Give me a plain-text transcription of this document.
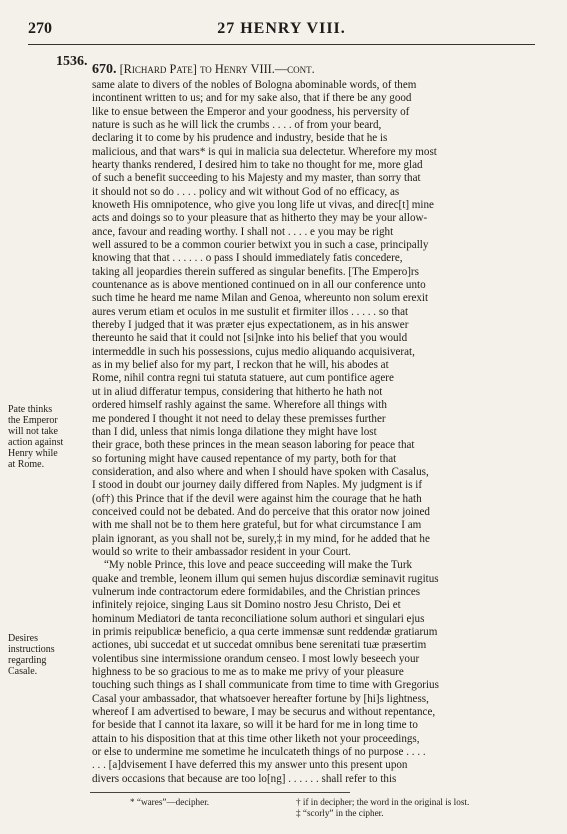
270	27 HENRY VIII.
1536.
Pate thinks
the Emperor
will not take
action against
Henry while
at Rome.
Desires
instructions
regarding
Casale.
670. [Richard Pate] to Henry VIII.—cont.

same alate to divers of the nobles of Bologna abominable words, of them

incontinent written to us; and for my sake also, that if there be any good

like to ensue between the Emperor and your goodness, his perversity of

nature is such as he will lick the crumbs . . . . of from your beard,

declaring it to come by his prudence and industry, beside that he is

malicious, and that wars* is qui in malicia sua delectetur. Wherefore my most

hearty thanks rendered, I desired him to take no thought for me, more glad

of such a benefit succeeding to his Majesty and my master, than sorry that

it should not so do . . . . policy and wit without God of no efficacy, as

knoweth His omnipotence, who give you long life ut vivas, and direc[t] mine

acts and doings so to your pleasure that as hitherto they may be your allow-

ance, favour and reading worthy. I shall not . . . . e you may be right

well assured to be a common courier betwixt you in such a case, principally

knowing that that . . . . . . o pass I should immediately fatis concedere,

taking all jeopardies therein suffered as singular benefits. [The Empero]rs

countenance as is above mentioned continued on in all our conference unto

such time he heard me name Milan and Genoa, whereunto non solum erexit

aures verum etiam et oculos in me sustulit et firmiter illos . . . . . so that

thereby I judged that it was præter ejus expectationem, as in his answer

thereunto he said that it could not [si]nke into his belief that you would

intermeddle in such his possessions, cujus medio aliquando acquisiverat,

as in my belief also for my part, I reckon that he will, his abodes at

Rome, nihil contra regni tui statuta statuere, aut cum pontifice agere

ut in aliud differatur tempus, considering that hitherto he hath not

ordered himself rashly against the same. Wherefore all things with

me pondered I thought it not need to delay these premisses further

than I did, unless that nimis longa dilatione they might have lost

their grace, both these princes in the mean season laboring for peace that

so fortuning might have caused repentance of my party, both for that

consideration, and also where and when I should have spoken with Casalus,

I stood in doubt our journey daily differed from Naples. My judgment is if

(of†) this Prince that if the devil were against him the courage that he hath

conceived could not be debated. And do perceive that this orator now joined

with me shall not be to them here grateful, but for what circumstance I am

plain ignorant, as you shall not be, surely,‡ in my mind, for he added that he

would so write to their ambassador resident in your Court.

“My noble Prince, this love and peace succeeding will make the Turk

quake and tremble, leonem illum qui semen hujus discordiæ seminavit rugitus

vulnerum inde contractorum edere formidabiles, and the Christian princes

infinitely rejoice, singing Laus sit Domino nostro Jesu Christo, Dei et

hominum Mediatori de tanta reconciliatione solum authori et singulari ejus

in primis reipublicæ beneficio, a qua certe immensæ sunt reddendæ gratiarum

actiones, ubi succedat et ut succedat omnibus bene serenitati tuæ præsertim

volentibus sine intermissione orandum censeo. I most lowly beseech your

highness to be so gracious to me as to make me privy of your pleasure

touching such things as I shall communicate from time to time with Gregorius

Casal your ambassador, that whatsoever hereafter fortune by [hi]s lightness,

whereof I am advertised to beware, I may be securus and without repentance,

for beside that I cannot ita laxare, so will it be hard for me in long time to

attain to his disposition that at this time other liketh not your proceedings,

or else to undermine me sometime he inculcateth things of no purpose . . . .

. . . [a]dvisement I have deferred this my answer unto this present upon

divers occasions that because are too lo[ng] . . . . . . shall refer to this

* “wares”—decipher.	† if in decipher; the word in the original is lost.
‡ “scorly” in the cipher.
